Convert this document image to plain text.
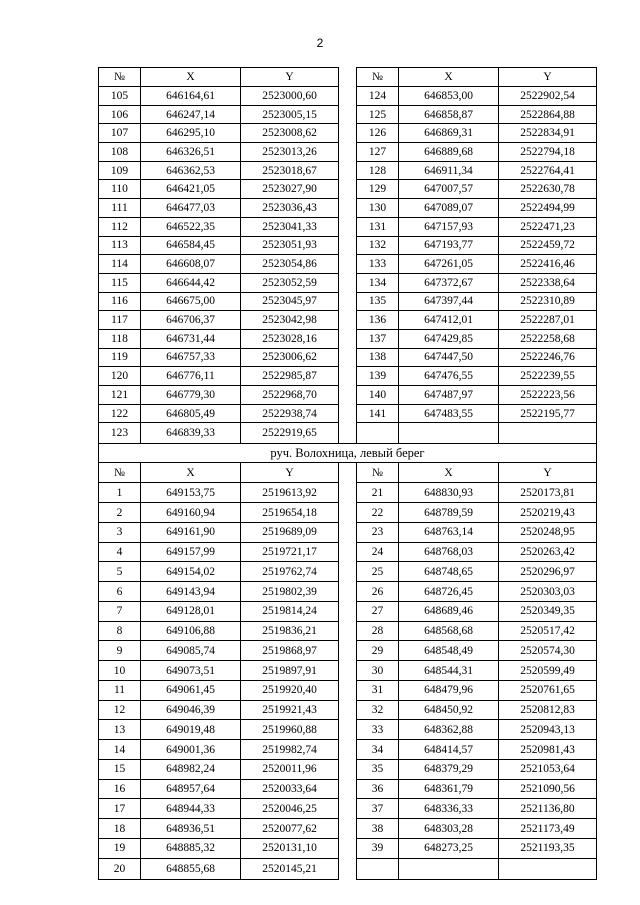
2
№	X	Y		№	X	Y
105	646164,61	2523000,60		124	646853,00	2522902,54
106	646247,14	2523005,15		125	646858,87	2522864,88
107	646295,10	2523008,62		126	646869,31	2522834,91
108	646326,51	2523013,26		127	646889,68	2522794,18
109	646362,53	2523018,67		128	646911,34	2522764,41
110	646421,05	2523027,90		129	647007,57	2522630,78
111	646477,03	2523036,43		130	647089,07	2522494,99
112	646522,35	2523041,33		131	647157,93	2522471,23
113	646584,45	2523051,93		132	647193,77	2522459,72
114	646608,07	2523054,86		133	647261,05	2522416,46
115	646644,42	2523052,59		134	647372,67	2522338,64
116	646675,00	2523045,97		135	647397,44	2522310,89
117	646706,37	2523042,98		136	647412,01	2522287,01
118	646731,44	2523028,16		137	647429,85	2522258,68
119	646757,33	2523006,62		138	647447,50	2522246,76
120	646776,11	2522985,87		139	647476,55	2522239,55
121	646779,30	2522968,70		140	647487,97	2522223,56
122	646805,49	2522938,74		141	647483,55	2522195,77
123	646839,33	2522919,65				
руч. Волохница, левый берег						
№	X	Y		№	X	Y
1	649153,75	2519613,92		21	648830,93	2520173,81
2	649160,94	2519654,18		22	648789,59	2520219,43
3	649161,90	2519689,09		23	648763,14	2520248,95
4	649157,99	2519721,17		24	648768,03	2520263,42
5	649154,02	2519762,74		25	648748,65	2520296,97
6	649143,94	2519802,39		26	648726,45	2520303,03
7	649128,01	2519814,24		27	648689,46	2520349,35
8	649106,88	2519836,21		28	648568,68	2520517,42
9	649085,74	2519868,97		29	648548,49	2520574,30
10	649073,51	2519897,91		30	648544,31	2520599,49
11	649061,45	2519920,40		31	648479,96	2520761,65
12	649046,39	2519921,43		32	648450,92	2520812,83
13	649019,48	2519960,88		33	648362,88	2520943,13
14	649001,36	2519982,74		34	648414,57	2520981,43
15	648982,24	2520011,96		35	648379,29	2521053,64
16	648957,64	2520033,64		36	648361,79	2521090,56
17	648944,33	2520046,25		37	648336,33	2521136,80
18	648936,51	2520077,62		38	648303,28	2521173,49
19	648885,32	2520131,10		39	648273,25	2521193,35
20	648855,68	2520145,21				
